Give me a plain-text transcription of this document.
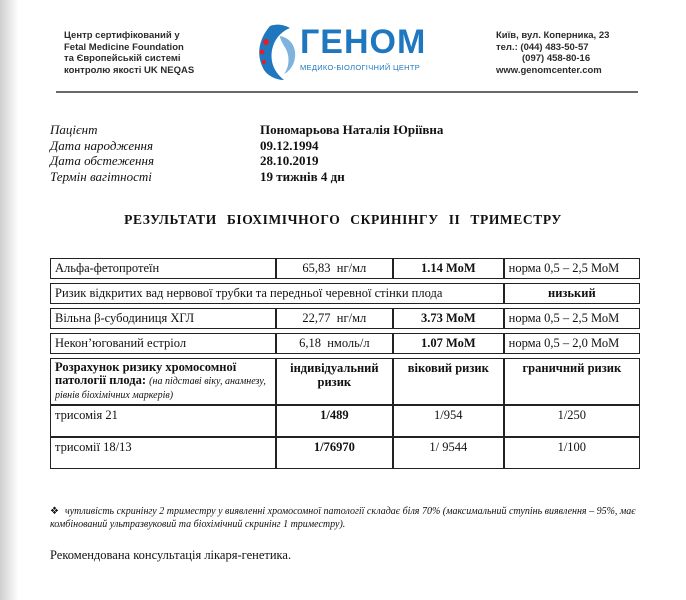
Центр сертифікований у
Fetal Medicine Foundation
та Європейській системі
контролю якості UK NEQAS
ГЕНОМ
МЕДИКО-БІОЛОГІЧНИЙ ЦЕНТР
Київ, вул. Коперника, 23
тел.: (044) 483-50-57
(097) 458-80-16
www.genomcenter.com
Пацієнт	Пономарьова Наталія Юріївна
Дата народження	09.12.1994
Дата обстеження	28.10.2019
Термін вагітності	19 тижнів 4 дн
РЕЗУЛЬТАТИ БІОХІМІЧНОГО СКРИНІНГУ ІІ ТРИМЕСТРУ
Альфа-фетопротеїн	65,83 нг/мл	1.14 МоМ	норма 0,5 – 2,5 МоМ

Ризик відкритих вад нервової трубки та передньої черевної стінки плода			низький

Вільна β-субодиниця ХГЛ	22,77 нг/мл	3.73 МоМ	норма 0,5 – 2,5 МоМ

Некон’югований естріол	6,18 нмоль/л	1.07 МоМ	норма 0,5 – 2,0 МоМ

Розрахунок ризику хромосомної патології плода: (на підставі віку, анамнезу, рівнів біохімічних маркерів)	індивідуальний ризик	віковий ризик	граничний ризик
трисомія 21	1/489	1/954	1/250
трисомії 18/13	1/76970	1/ 9544	1/100
❖ чутливість скринінгу 2 триместру у виявленні хромосомної патології складає біля 70% (максимальний ступінь виявлення – 95%, має комбінований ультразвуковий та біохімічний скринінг 1 триместру).
Рекомендована консультація лікаря-генетика.
